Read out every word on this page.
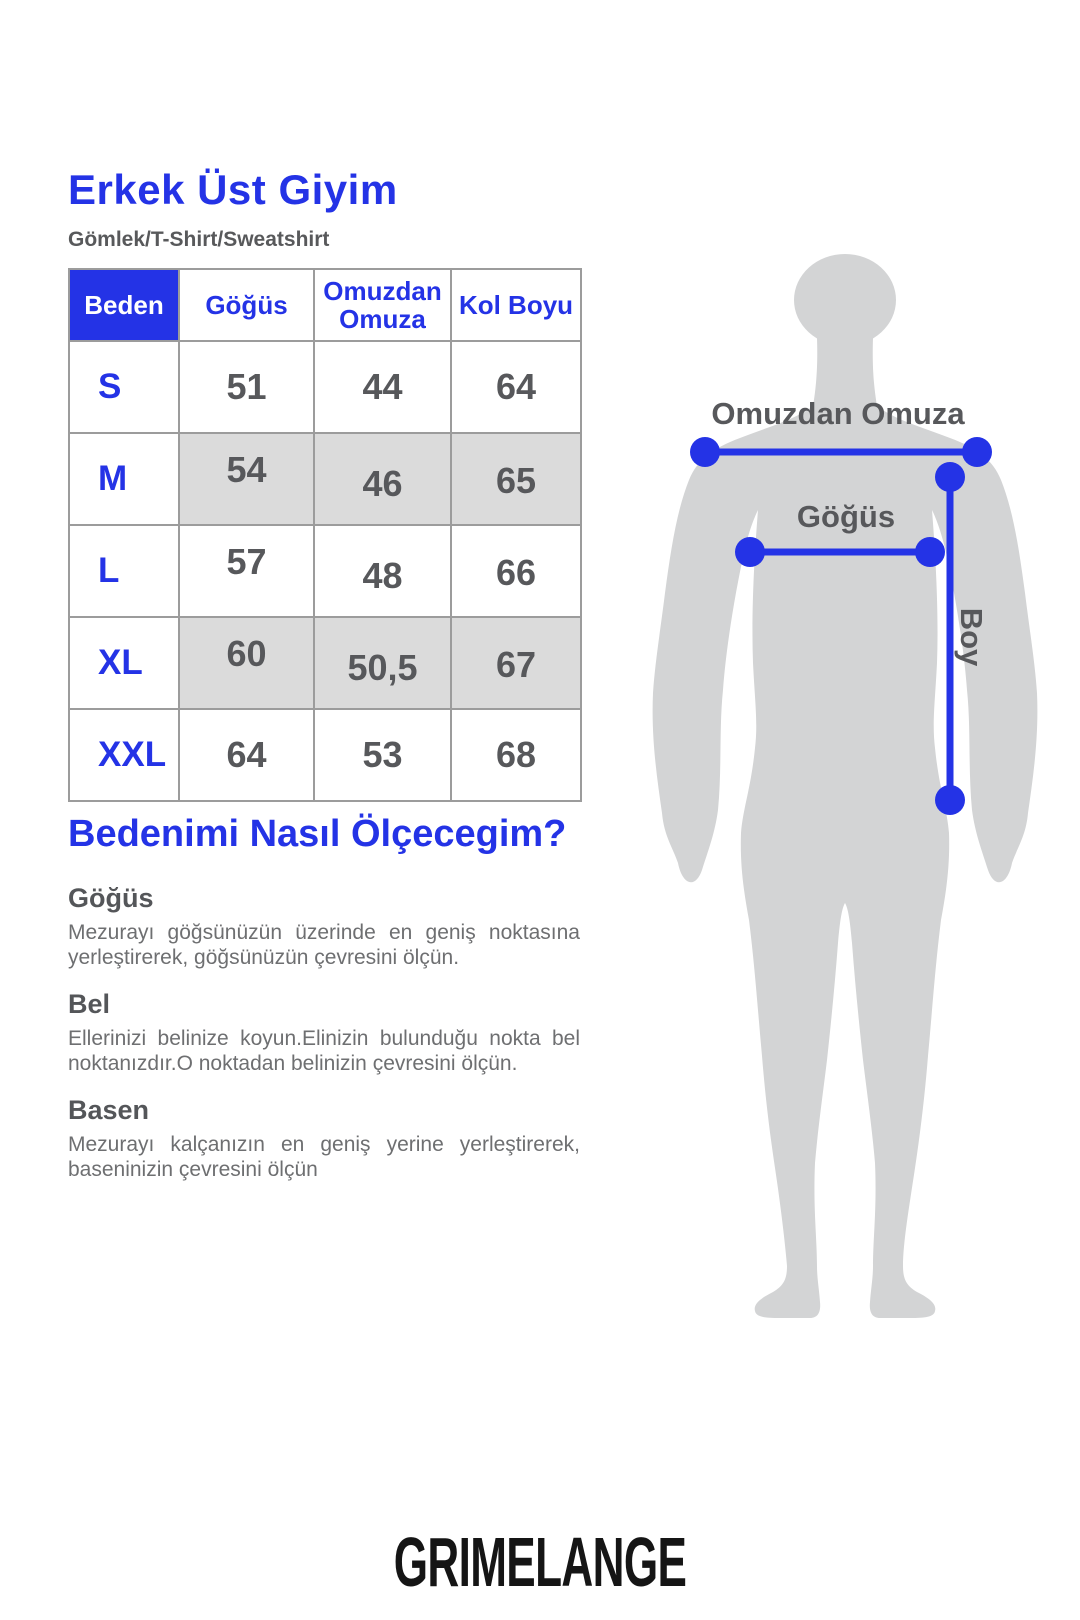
Erkek Üst Giyim
Gömlek/T-Shirt/Sweatshirt
Beden	Göğüs	Omuzdan Omuza	Kol Boyu
S	51	44	64
M	54	46	65
L	57	48	66
XL	60	50,5	67
XXL	64	53	68
Bedenimi Nasıl Ölçecegim?
Göğüs

Mezurayı göğsünüzün üzerinde en geniş noktasına yerleştirerek, göğsünüzün çevresini ölçün.

Bel

Ellerinizi belinize koyun.Elinizin bulunduğu nokta bel noktanızdır.O noktadan belinizin çevresini ölçün.

Basen

Mezurayı kalçanızın en geniş yerine yerleştirerek, baseninizin çevresini ölçün

Omuzdan Omuza
Göğüs
Boy
GRIMELANGE
